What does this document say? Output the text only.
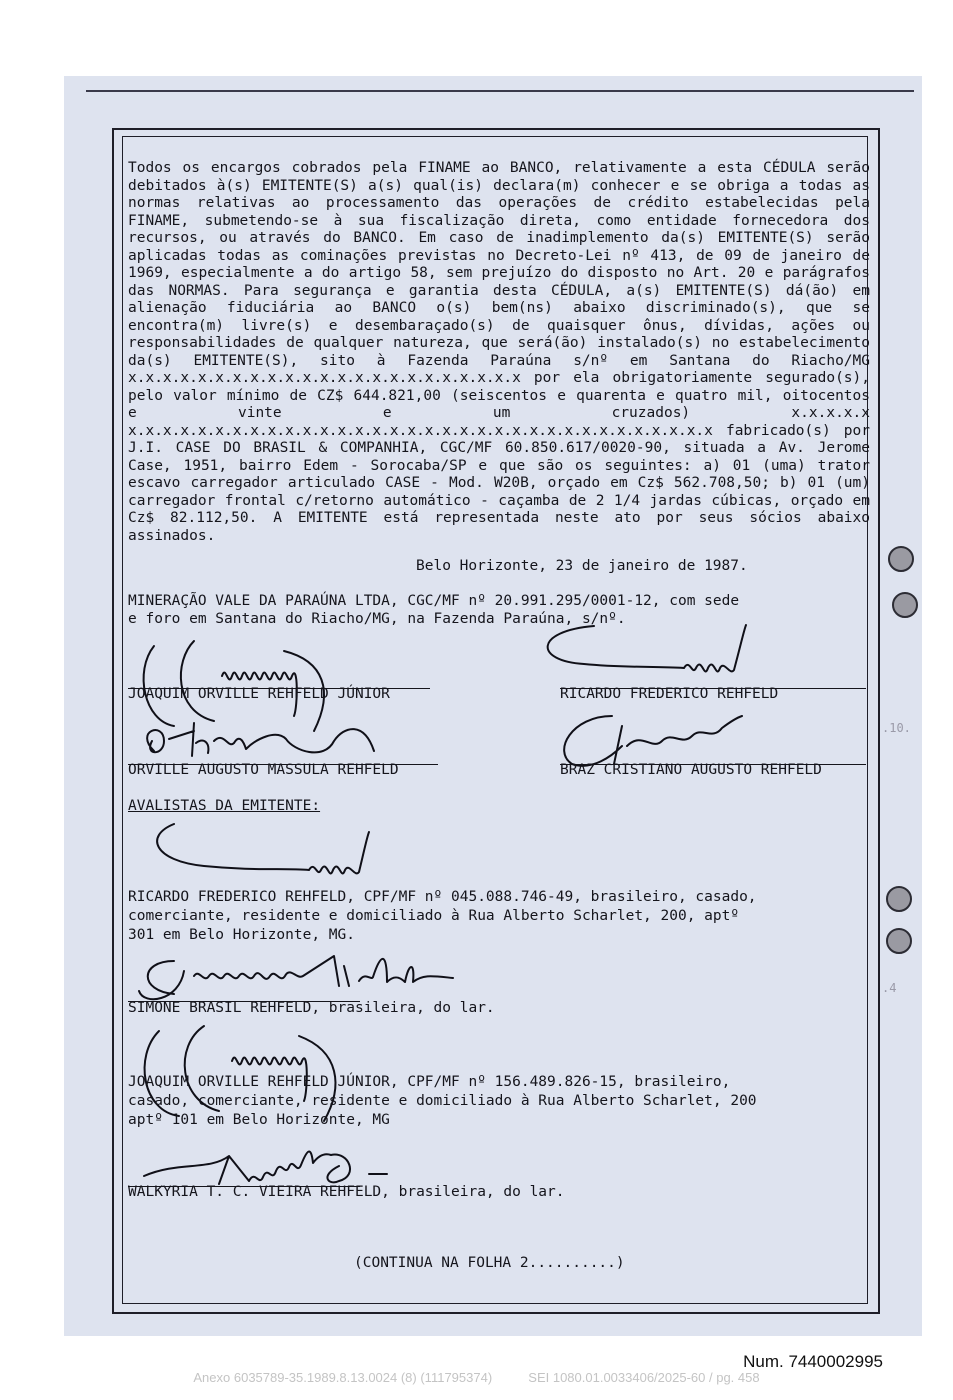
Todos os encargos cobrados pela FINAME ao BANCO, relativamente a esta CÉDULA serão debitados à(s) EMITENTE(S) a(s) qual(is) declara(m) conhecer e se obriga a todas as normas relativas ao processamento das operações de crédito estabelecidas pela FINAME, submetendo-se à sua fiscalização direta, como entidade fornecedora dos recursos, ou através do BANCO. Em caso de inadimplemento da(s) EMITENTE(S) serão aplicadas todas as cominações previstas no Decreto-Lei nº 413, de 09 de janeiro de 1969, especialmente a do artigo 58, sem prejuízo do disposto no Art. 20 e parágrafos das NORMAS. Para segurança e garantia desta CÉDULA, a(s) EMITENTE(S) dá(ão) em alienação fiduciária ao BANCO o(s) bem(ns) abaixo discriminado(s), que se encontra(m) livre(s) e desembaraçado(s) de quaisquer ônus, dívidas, ações ou responsabilidades de qualquer natureza, que será(ão) instalado(s) no estabelecimento da(s) EMITENTE(S), sito à Fazenda Paraúna s/nº em Santana do Riacho/MG x.x.x.x.x.x.x.x.x.x.x.x.x.x.x.x.x.x.x.x.x.x.x por ela obrigatoriamente segurado(s), pelo valor mínimo de CZ$ 644.821,00 (seiscentos e quarenta e quatro mil, oitocentos e vinte e um cruzados) x.x.x.x.x x.x.x.x.x.x.x.x.x.x.x.x.x.x.x.x.x.x.x.x.x.x.x.x.x.x.x.x.x.x.x.x.x.x fabricado(s) por J.I. CASE DO BRASIL & COMPANHIA, CGC/MF 60.850.617/0020-90, situada a Av. Jerome Case, 1951, bairro Edem - Sorocaba/SP e que são os seguintes: a) 01 (uma) trator escavo carregador articulado CASE - Mod. W20B, orçado em Cz$ 562.708,50; b) 01 (um) carregador frontal c/retorno automático - caçamba de 2 1/4 jardas cúbicas, orçado em Cz$ 82.112,50. A EMITENTE está representada neste ato por seus sócios abaixo assinados.

Belo Horizonte, 23 de janeiro de 1987.

MINERAÇÃO VALE DA PARAÚNA LTDA, CGC/MF nº 20.991.295/0001-12, com sede

e foro em Santana do Riacho/MG, na Fazenda Paraúna, s/nº.

JOAQUIM ORVILLE REHFELD JÚNIOR	RICARDO FREDERICO REHFELD

ORVILLE AUGUSTO MASSULA REHFELD	BRAZ CRISTIANO AUGUSTO REHFELD

AVALISTAS DA EMITENTE:

RICARDO FREDERICO REHFELD, CPF/MF nº 045.088.746-49, brasileiro, casado,
comerciante, residente e domiciliado à Rua Alberto Scharlet, 200, aptº
301 em Belo Horizonte, MG.

SIMONE BRASIL REHFELD, brasileira, do lar.

JOAQUIM ORVILLE REHFELD JÚNIOR, CPF/MF nº 156.489.826-15, brasileiro,
casado, comerciante, residente e domiciliado à Rua Alberto Scharlet, 200
aptº 101 em Belo Horizonte, MG

WALKYRIA T. C. VIEIRA REHFELD, brasileira, do lar.

(CONTINUA NA FOLHA 2..........)

.10.
.4
Num. 7440002995
Anexo 6035789-35.1989.8.13.0024 (8) (111795374)	SEI 1080.01.0033406/2025-60 / pg. 458
